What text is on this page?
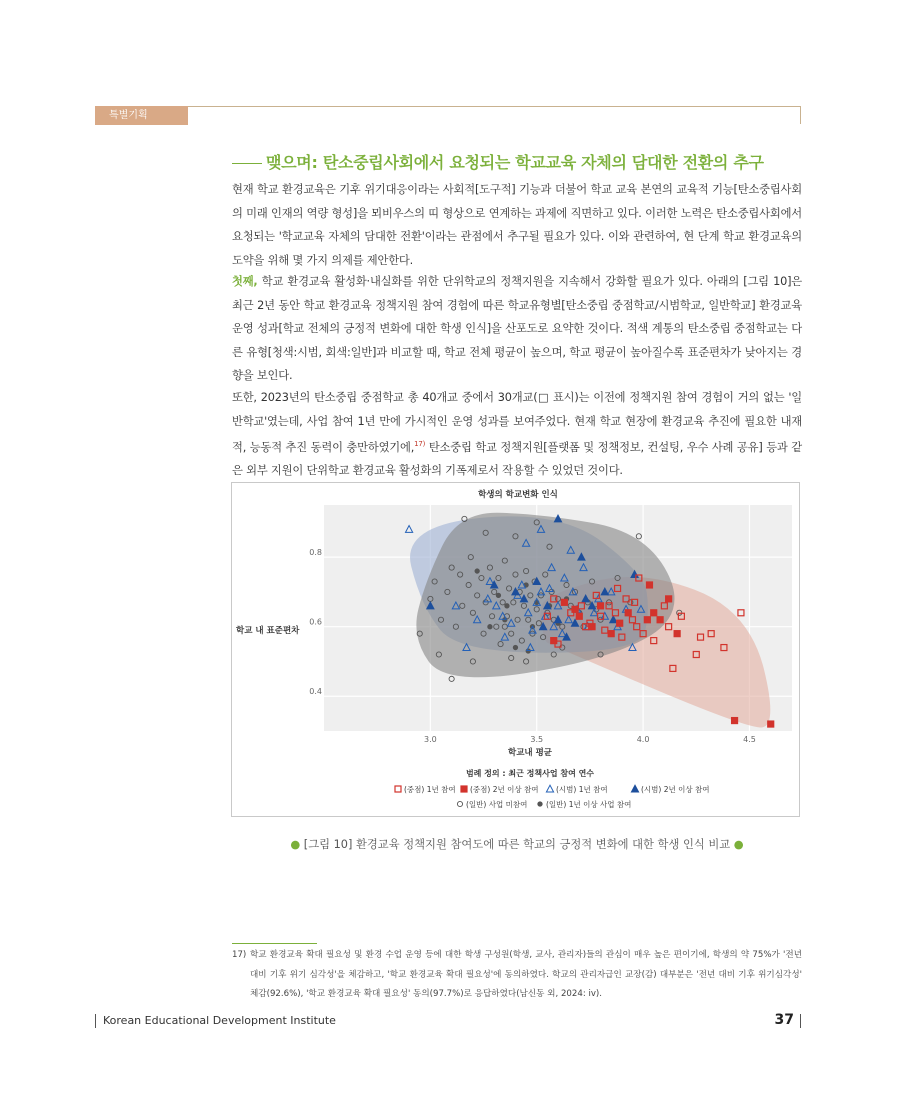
특별기획
맺으며: 탄소중립사회에서 요청되는 학교교육 자체의 담대한 전환의 추구
현재 학교 환경교육은 기후 위기대응이라는 사회적[도구적] 기능과 더불어 학교 교육 본연의 교육적 기능[탄소중립사회의 미래 인재의 역량 형성]을 뫼비우스의 띠 형상으로 연계하는 과제에 직면하고 있다. 이러한 노력은 탄소중립사회에서 요청되는 '학교교육 자체의 담대한 전환'이라는 관점에서 추구될 필요가 있다. 이와 관련하여, 현 단계 학교 환경교육의 도약을 위해 몇 가지 의제를 제안한다.
첫째, 학교 환경교육 활성화·내실화를 위한 단위학교의 정책지원을 지속해서 강화할 필요가 있다. 아래의 [그림 10]은 최근 2년 동안 학교 환경교육 정책지원 참여 경험에 따른 학교유형별[탄소중립 중점학교/시범학교, 일반학교] 환경교육 운영 성과[학교 전체의 긍정적 변화에 대한 학생 인식]을 산포도로 요약한 것이다. 적색 계통의 탄소중립 중점학교는 다른 유형[청색:시범, 회색:일반]과 비교할 때, 학교 전체 평균이 높으며, 학교 평균이 높아질수록 표준편차가 낮아지는 경향을 보인다.
또한, 2023년의 탄소중립 중점학교 총 40개교 중에서 30개교(□ 표시)는 이전에 정책지원 참여 경험이 거의 없는 '일반학교'였는데, 사업 참여 1년 만에 가시적인 운영 성과를 보여주었다. 현재 학교 현장에 환경교육 추진에 필요한 내재적, 능동적 추진 동력이 충만하였기에,$^{17)}$ 탄소중립 학교 정책지원[플랫폼 및 정책정보, 컨설팅, 우수 사례 공유] 등과 같은 외부 지원이 단위학교 환경교육 활성화의 기폭제로서 작용할 수 있었던 것이다.
3.0	3.5	4.0	4.5
0.4
0.6
0.8
학생의 학교변화 인식
학교 내 표준편차
학교내 평균
범례 정의 : 최근 정책사업 참여 연수
(중점) 1년 참여 (중점) 2년 이상 참여 (시범) 1년 참여	(시범) 2년 이상 참여
(일반) 사업 미참여 (일반) 1년 이상 사업 참여
● [그림 10] 환경교육 정책지원 참여도에 따른 학교의 긍정적 변화에 대한 학생 인식 비교 ●
17) 학교 환경교육 확대 필요성 및 환경 수업 운영 등에 대한 학생 구성원(학생, 교사, 관리자)들의 관심이 매우 높은 편이기에, 학생의 약 75%가 '전년 대비 기후 위기 심각성'을 체감하고, '학교 환경교육 확대 필요성'에 동의하였다. 학교의 관리자급인 교장(감) 대부분은 '전년 대비 기후 위기심각성' 체감(92.6%), '학교 환경교육 확대 필요성' 동의(97.7%)로 응답하였다(남신동 외, 2024: iv).
Korean Educational Development Institute	37
